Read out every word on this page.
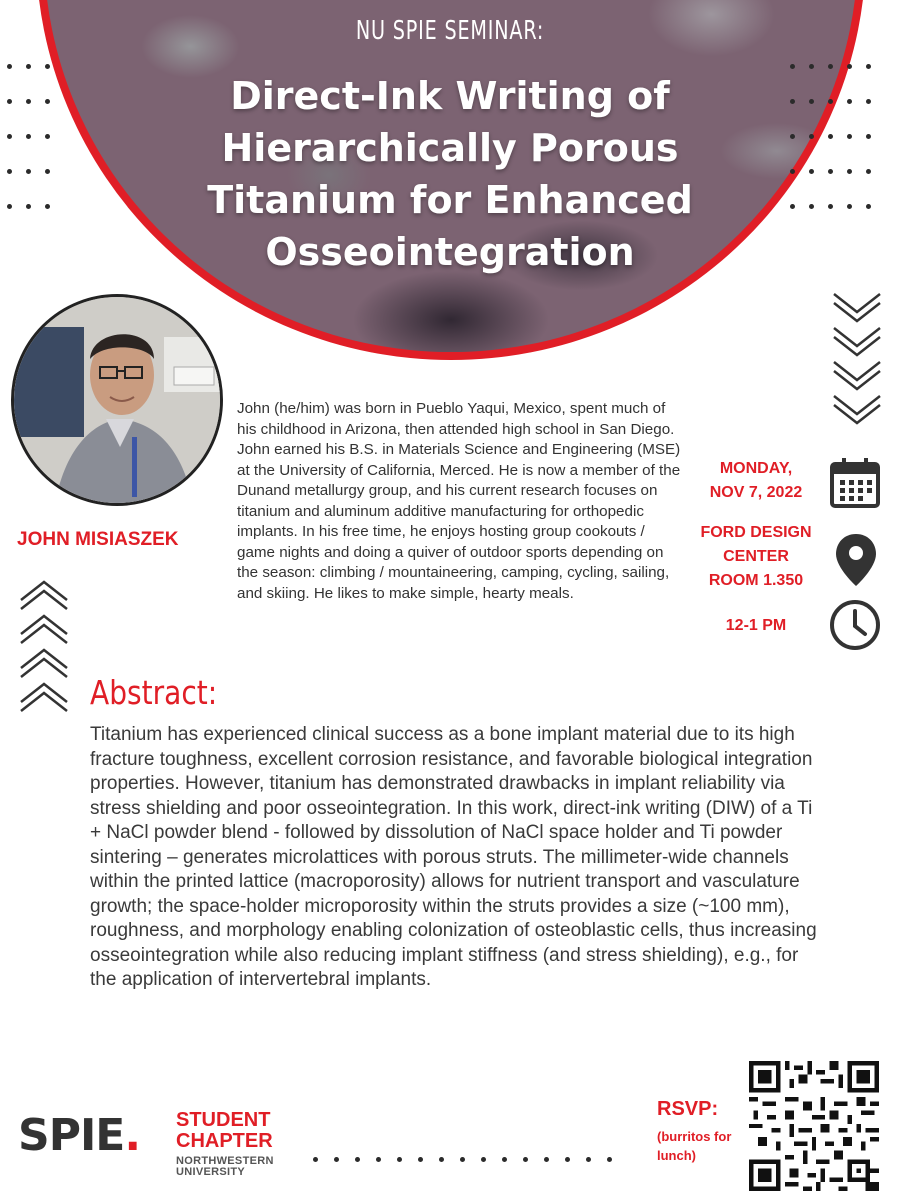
NU SPIE SEMINAR:
Direct-Ink Writing of Hierarchically Porous Titanium for Enhanced Osseointegration
JOHN MISIASZEK
John (he/him) was born in Pueblo Yaqui, Mexico, spent much of his childhood in Arizona, then attended high school in San Diego. John earned his B.S. in Materials Science and Engineering (MSE) at the University of California, Merced. He is now a member of the Dunand metallurgy group, and his current research focuses on titanium and aluminum additive manufacturing for orthopedic implants. In his free time, he enjoys hosting group cookouts / game nights and doing a quiver of outdoor sports depending on the season: climbing / mountaineering, camping, cycling, sailing, and skiing. He likes to make simple, hearty meals.
MONDAY,
NOV 7, 2022
FORD DESIGN
CENTER
ROOM 1.350
12-1 PM
Abstract:
Titanium has experienced clinical success as a bone implant material due to its high fracture toughness, excellent corrosion resistance, and favorable biological integration properties. However, titanium has demonstrated drawbacks in implant reliability via stress shielding and poor osseointegration. In this work, direct-ink writing (DIW) of a Ti + NaCl powder blend - followed by dissolution of NaCl space holder and Ti powder sintering – generates microlattices with porous struts. The millimeter-wide channels within the printed lattice (macroporosity) allows for nutrient transport and vasculature growth; the space-holder microporosity within the struts provides a size (~100 mm), roughness, and morphology enabling colonization of osteoblastic cells, thus increasing osseointegration while also reducing implant stiffness (and stress shielding), e.g., for the application of intervertebral implants.
SPIE. STUDENT
CHAPTER
NORTHWESTERN
UNIVERSITY
RSVP:
(burritos for lunch)
